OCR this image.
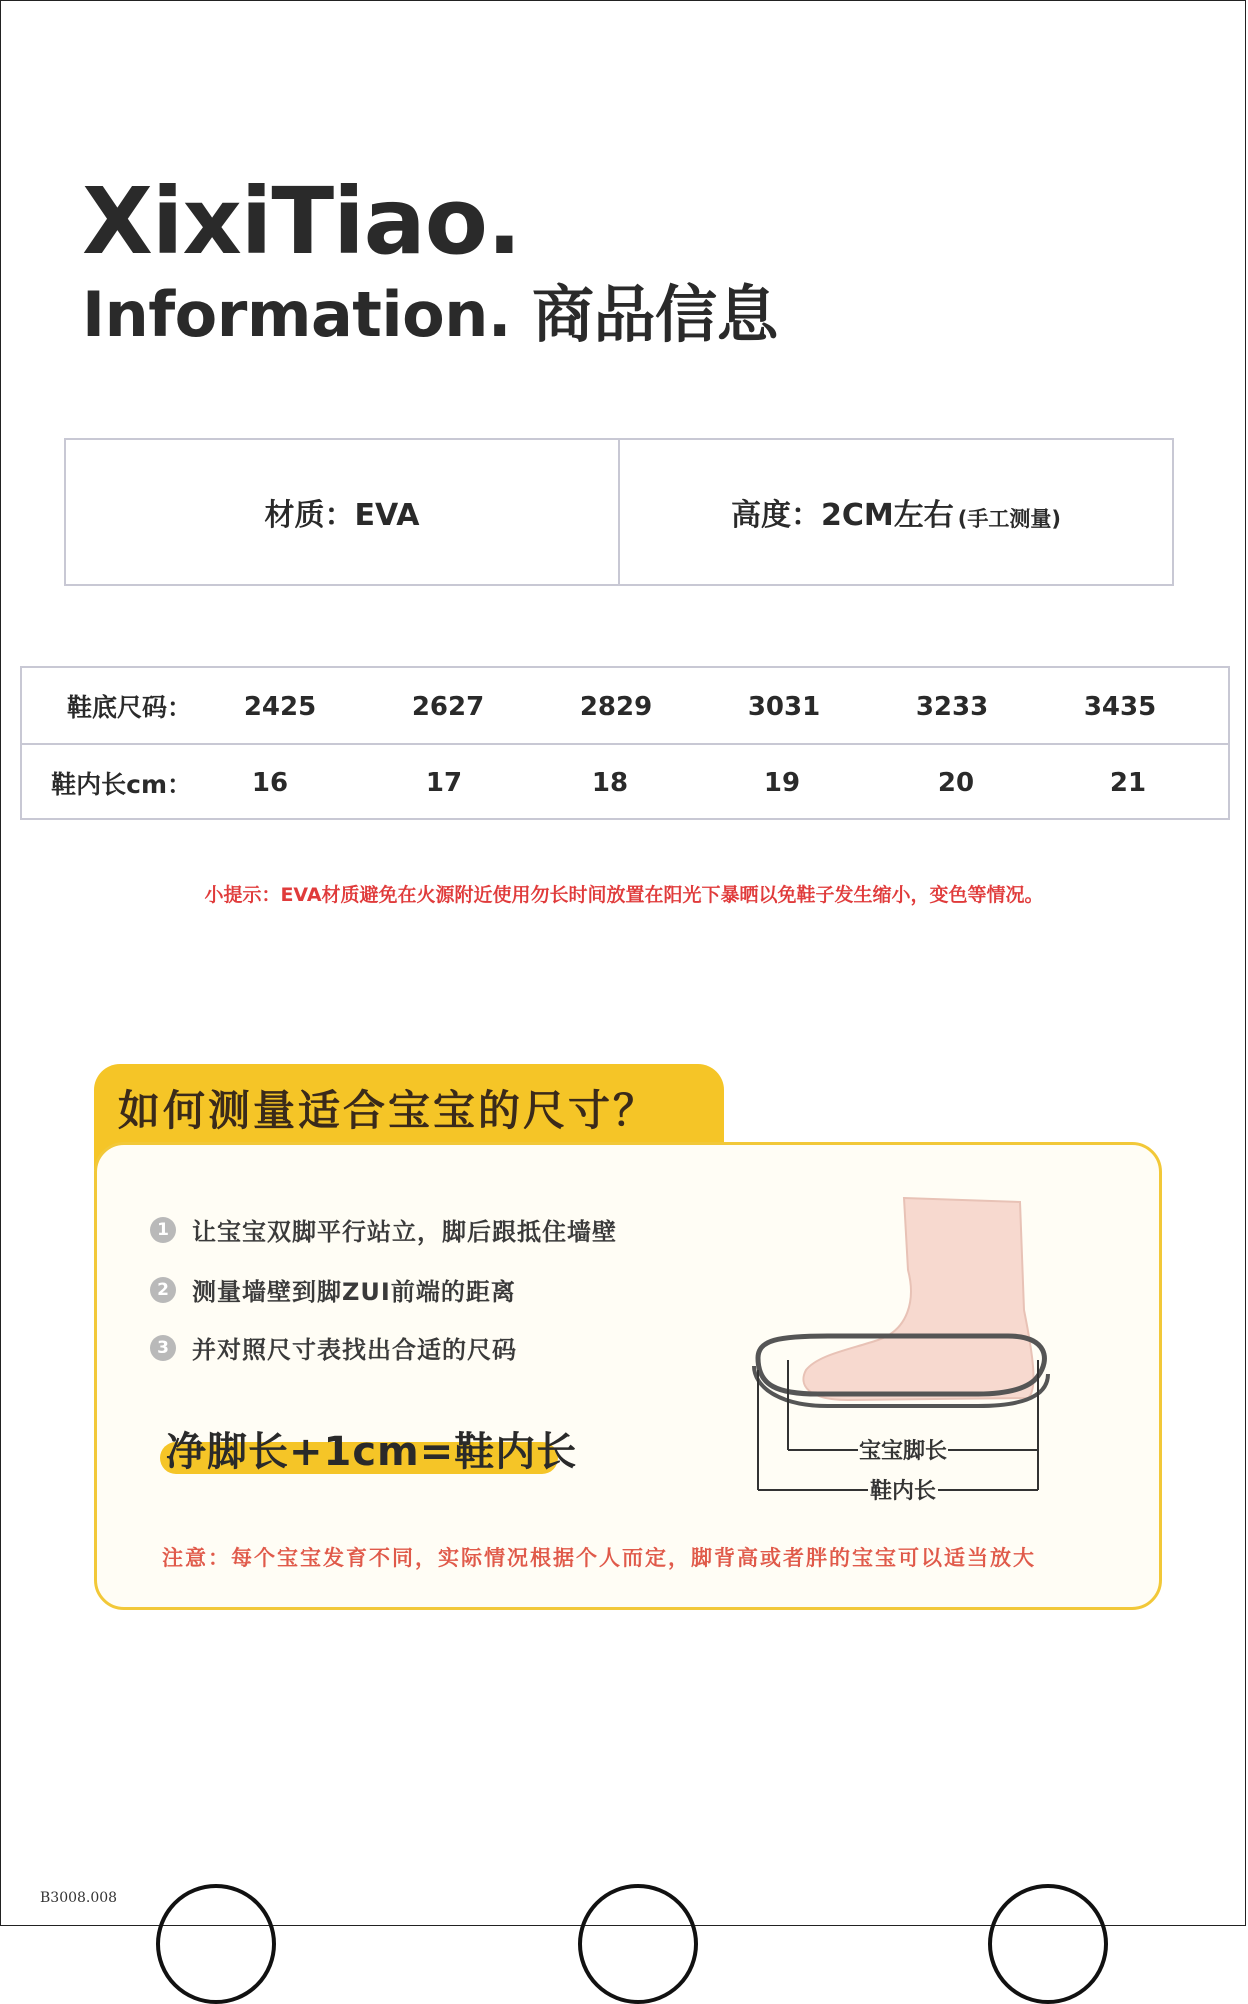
XixiTiao.
Information. 商品信息
材质：EVA	高度：2CM左右 (手工测量)
鞋底尺码： 2425	2627	2829	3031	3233	3435
鞋内长cm： 16	17	18	19	20	21
小提示：EVA材质避免在火源附近使用勿长时间放置在阳光下暴晒以免鞋子发生缩小，变色等情况。
如何测量适合宝宝的尺寸？
1 让宝宝双脚平行站立，脚后跟抵住墙壁
2 测量墙壁到脚ZUI前端的距离
3 并对照尺寸表找出合适的尺码
净脚长+1cm=鞋内长	宝宝脚长
鞋内长
注意：每个宝宝发育不同，实际情况根据个人而定，脚背高或者胖的宝宝可以适当放大
B3008.008
